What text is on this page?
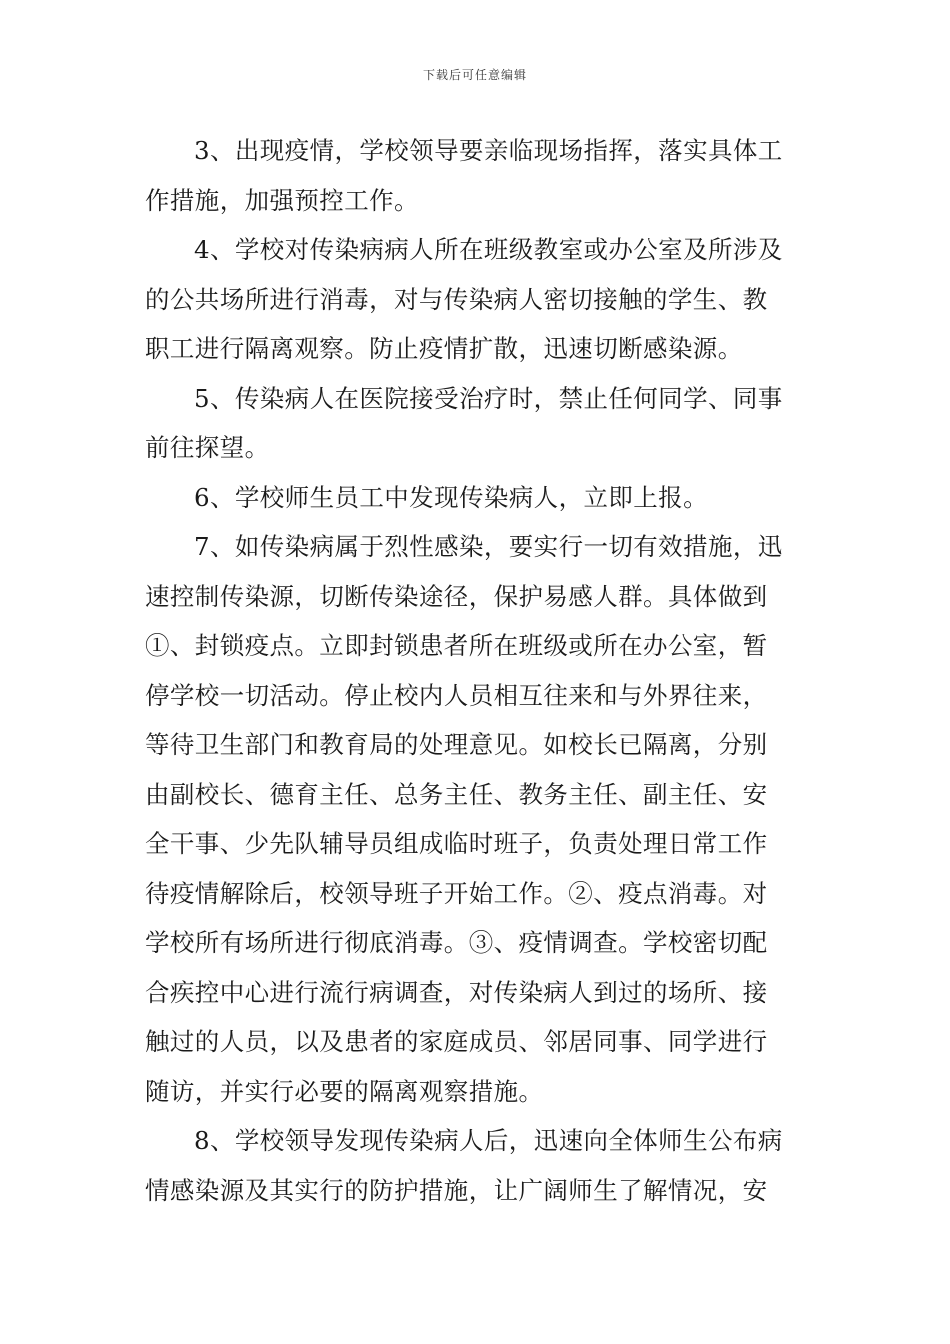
下载后可任意编辑
3、出现疫情，学校领导要亲临现场指挥，落实具体工
作措施，加强预控工作。
4、学校对传染病病人所在班级教室或办公室及所涉及
的公共场所进行消毒，对与传染病人密切接触的学生、教
职工进行隔离观察。防止疫情扩散，迅速切断感染源。
5、传染病人在医院接受治疗时，禁止任何同学、同事
前往探望。
6、学校师生员工中发现传染病人，立即上报。
7、如传染病属于烈性感染，要实行一切有效措施，迅
速控制传染源，切断传染途径，保护易感人群。具体做到
①、封锁疫点。立即封锁患者所在班级或所在办公室，暂
停学校一切活动。停止校内人员相互往来和与外界往来，
等待卫生部门和教育局的处理意见。如校长已隔离，分别
由副校长、德育主任、总务主任、教务主任、副主任、安
全干事、少先队辅导员组成临时班子，负责处理日常工作
待疫情解除后，校领导班子开始工作。②、疫点消毒。对
学校所有场所进行彻底消毒。③、疫情调查。学校密切配
合疾控中心进行流行病调查，对传染病人到过的场所、接
触过的人员，以及患者的家庭成员、邻居同事、同学进行
随访，并实行必要的隔离观察措施。
8、学校领导发现传染病人后，迅速向全体师生公布病
情感染源及其实行的防护措施，让广阔师生了解情况，安
